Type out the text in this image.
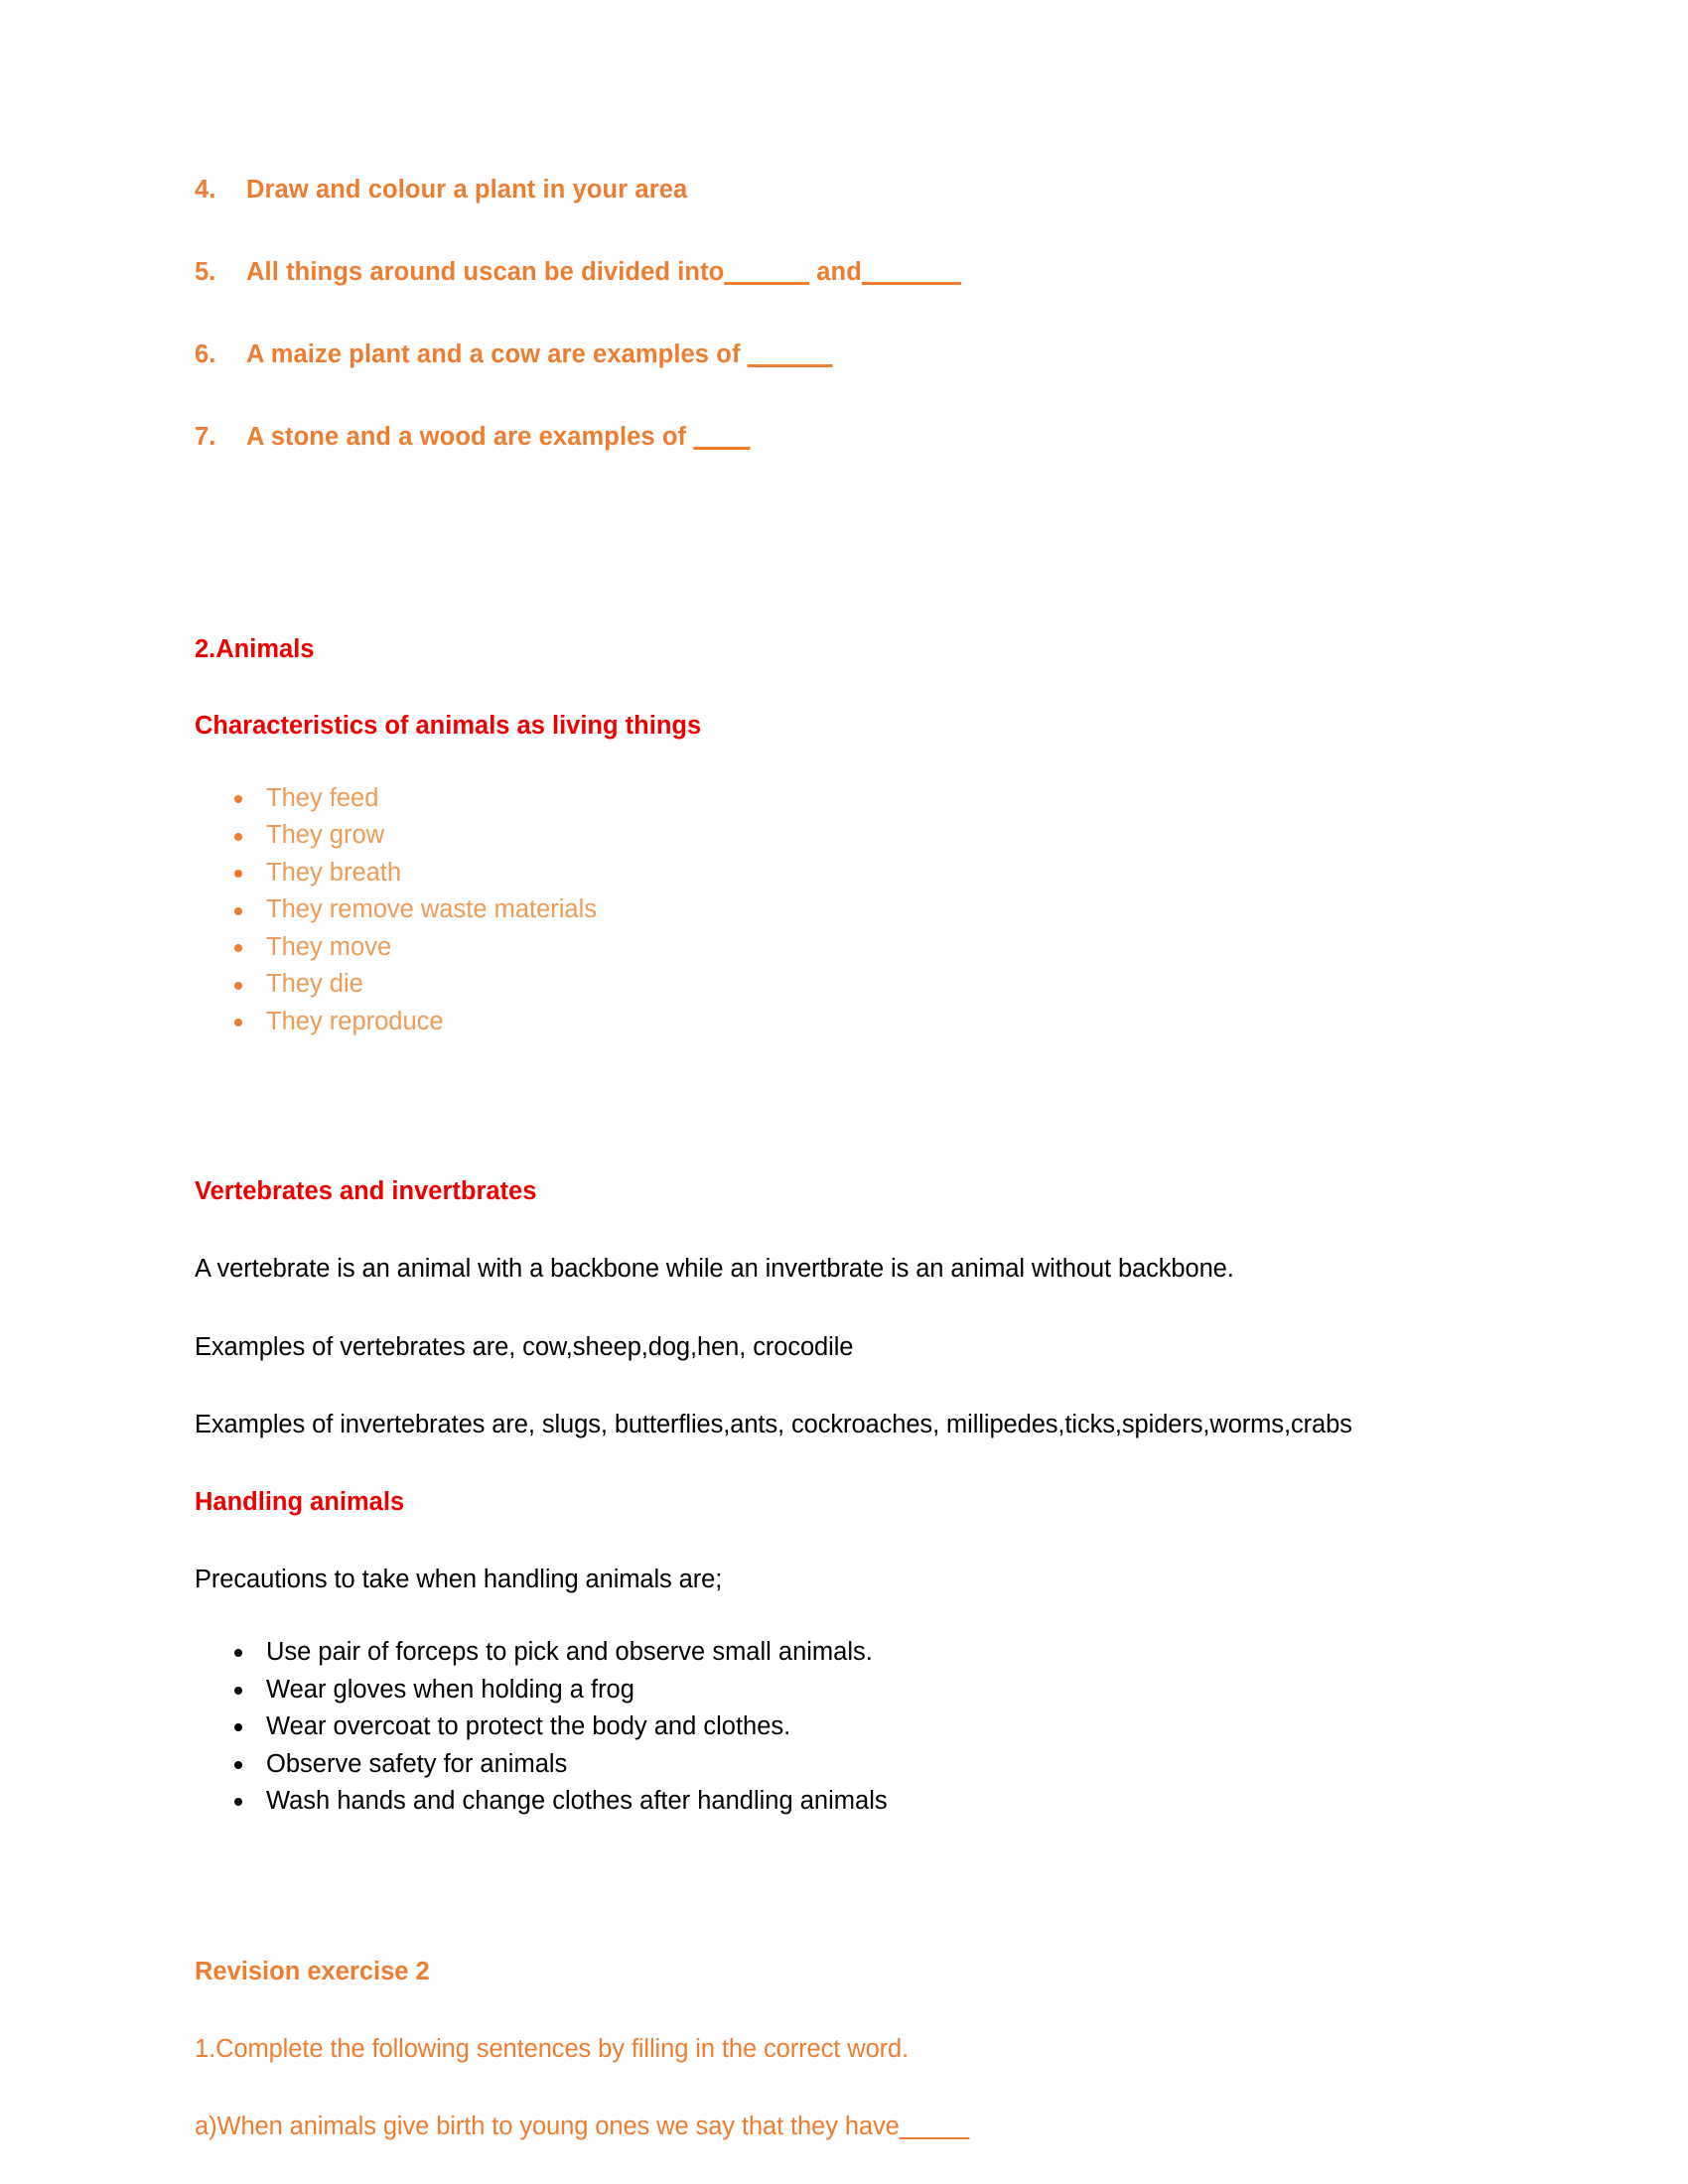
4.	Draw and colour a plant in your area
5.	All things around uscan be divided into______ and_______
6.	A maize plant and a cow are examples of ______
7.	A stone and a wood are examples of ____
2.Animals
Characteristics of animals as living things
They feed
They grow
They breath
They remove waste materials
They move
They die
They reproduce
Vertebrates and invertbrates

A vertebrate is an animal with a backbone while an invertbrate is an animal without backbone.

Examples of vertebrates are, cow,sheep,dog,hen, crocodile

Examples of invertebrates are, slugs, butterflies,ants, cockroaches, millipedes,ticks,spiders,worms,crabs

Handling animals

Precautions to take when handling animals are;

Use pair of forceps to pick and observe small animals.
Wear gloves when holding a frog
Wear overcoat to protect the body and clothes.
Observe safety for animals
Wash hands and change clothes after handling animals
Revision exercise 2

1.Complete the following sentences by filling in the correct word.

a)When animals give birth to young ones we say that they have_____
